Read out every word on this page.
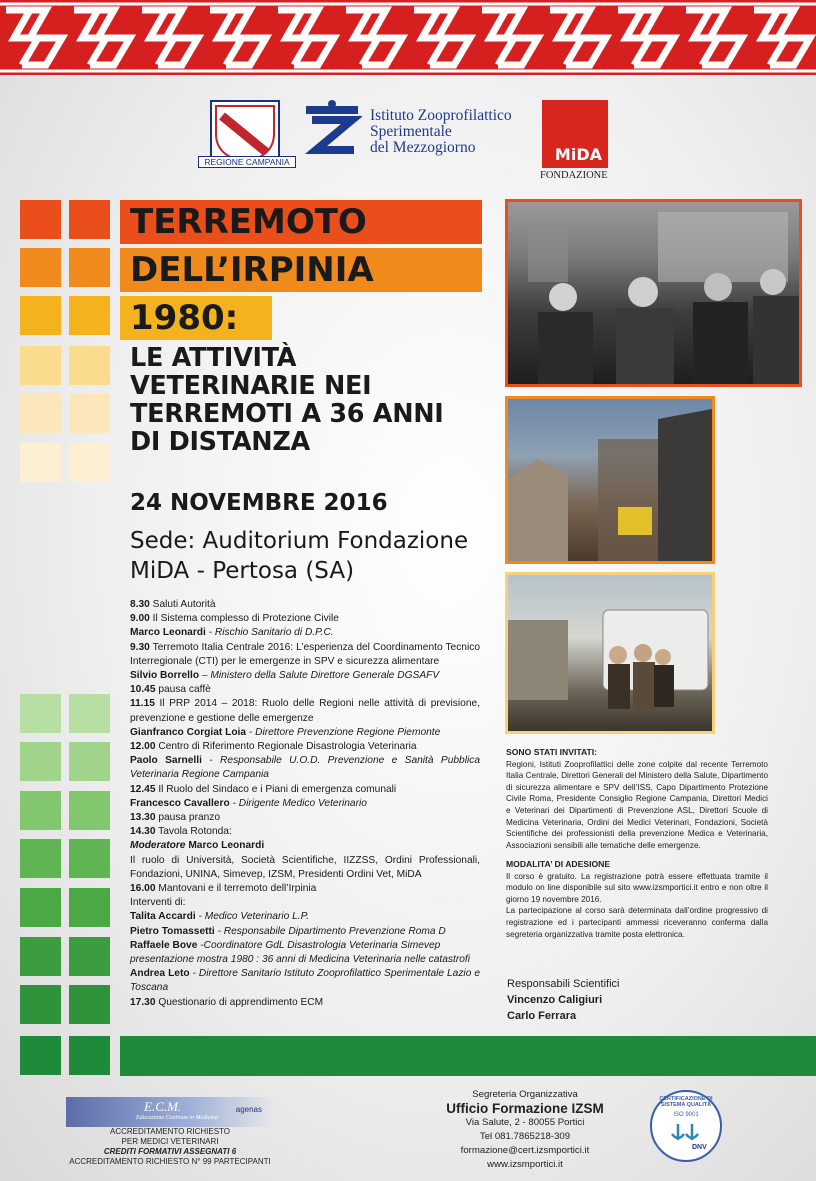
REGIONE CAMPANIA
Istituto Zooprofilattico
Sperimentale
del Mezzogiorno	MiDA
FONDAZIONE
TERREMOTO
DELL’IRPINIA
1980:
LE ATTIVITÀ
VETERINARIE NEI
TERREMOTI A 36 ANNI
DI DISTANZA
24 NOVEMBRE 2016
Sede: Auditorium Fondazione
MiDA - Pertosa (SA)
8.30 Saluti Autorità
9.00 Il Sistema complesso di Protezione Civile
Marco Leonardi - Rischio Sanitario di D.P.C.
9.30 Terremoto Italia Centrale 2016: L’esperienza del Coordinamento Tecnico Interregionale (CTI) per le emergenze in SPV e sicurezza alimentare
Silvio Borrello – Ministero della Salute Direttore Generale DGSAFV
10.45 pausa caffè
11.15 Il PRP 2014 – 2018: Ruolo delle Regioni nelle attività di previsione, prevenzione e gestione delle emergenze
Gianfranco Corgiat Loia - Direttore Prevenzione Regione Piemonte
12.00 Centro di Riferimento Regionale Disastrologia Veterinaria
Paolo Sarnelli - Responsabile U.O.D. Prevenzione e Sanità Pubblica Veterinaria Regione Campania
12.45 Il Ruolo del Sindaco e i Piani di emergenza comunali
Francesco Cavallero - Dirigente Medico Veterinario
13.30 pausa pranzo
14.30 Tavola Rotonda:
Moderatore Marco Leonardi
Il ruolo di Università, Società Scientifiche, IIZZSS, Ordini Professionali, Fondazioni, UNINA, Simevep, IZSM, Presidenti Ordini Vet, MiDA
16.00 Mantovani e il terremoto dell’Irpinia
Interventi di:
Talita Accardi - Medico Veterinario L.P.
Pietro Tomassetti - Responsabile Dipartimento Prevenzione Roma D
Raffaele Bove -Coordinatore GdL Disastrologia Veterinaria Simevep
presentazione mostra 1980 : 36 anni di Medicina Veterinaria nelle catastrofi
Andrea Leto - Direttore Sanitario Istituto Zooprofilattico Sperimentale Lazio e Toscana
17.30 Questionario di apprendimento ECM
SONO STATI INVITATI:
Regioni, Istituti Zooprofilattici delle zone colpite dal recente Terremoto Italia Centrale, Direttori Generali del Ministero della Salute, Dipartimento di sicurezza alimentare e SPV dell’ISS, Capo Dipartimento Protezione Civile Roma, Presidente Consiglio Regione Campania, Direttori Medici e Veterinari dei Dipartimenti di Prevenzione ASL, Direttori Scuole di Medicina Veterinaria, Ordini dei Medici Veterinari, Fondazioni, Società Scientifiche dei professionisti della prevenzione Medica e Veterinaria, Associazioni sensibili alle tematiche delle emergenze.
MODALITA’ DI ADESIONE
Il corso è gratuito. La registrazione potrà essere effettuata tramite il modulo on line disponibile sul sito www.izsmportici.it entro e non oltre il giorno 19 novembre 2016.
La partecipazione al corso sarà determinata dall’ordine progressivo di registrazione ed i partecipanti ammessi riceveranno conferma dalla segreteria organizzativa tramite posta elettronica.
Responsabili Scientifici
Vincenzo Caligiuri
Carlo Ferrara
E.C.M.
Educazione Continua in Medicina
agenas
ACCREDITAMENTO RICHIESTO
PER MEDICI VETERINARI
CREDITI FORMATIVI ASSEGNATI 6
ACCREDITAMENTO RICHIESTO N° 99 PARTECIPANTI
Segreteria Organizzativa
Ufficio Formazione IZSM
Via Salute, 2 - 80055 Portici
Tel 081.7865218-309
formazione@cert.izsmportici.it
www.izsmportici.it
CERTIFICAZIONE DI SISTEMA QUALITÀ
ISO 9001
DNV
